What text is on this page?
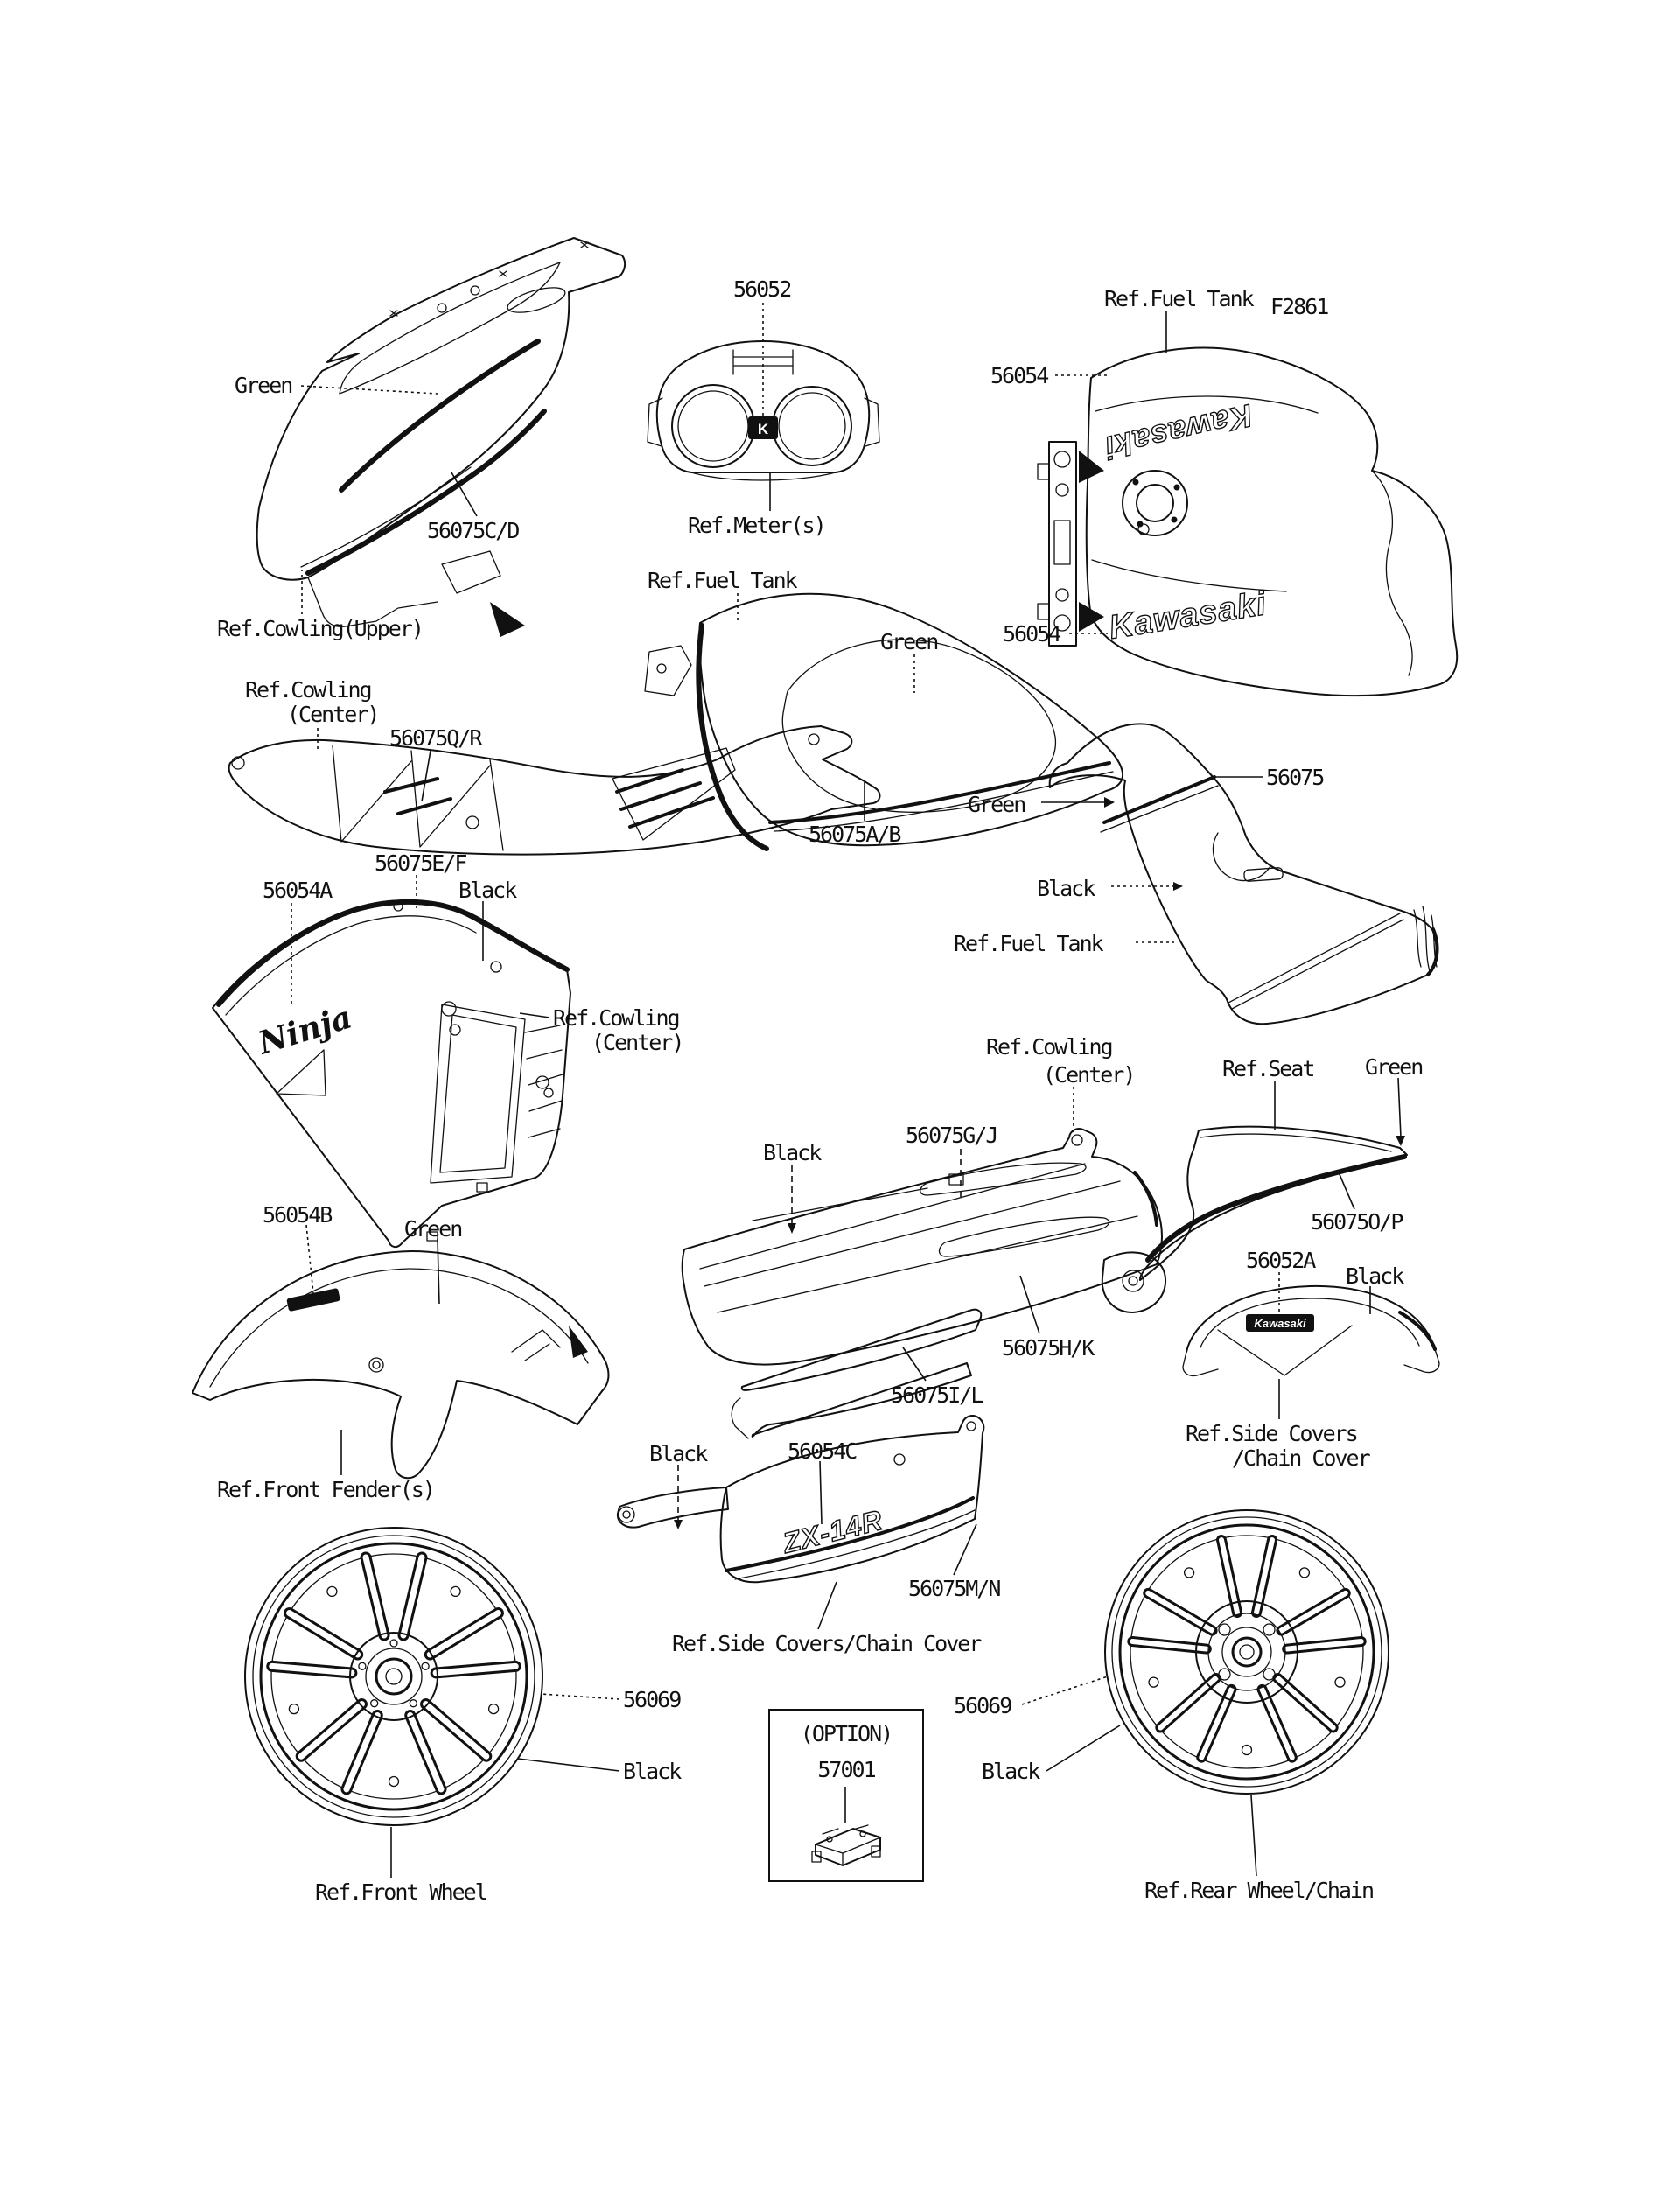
K	Kawasaki
Kawasaki
Ninja
Kawasaki
ZX-14R
Green
56075C/D
Ref.Cowling(Upper)
56052
Ref.Meter(s)
Ref.Fuel Tank F2861
56054
56054
Ref.Cowling
(Center)
56075Q/R
56075E/F
56054A	Black
Ref.Cowling
(Center)
Ref.Fuel Tank
Green
56075A/B
56075
Green
Black
Ref.Fuel Tank
Black
56075G/J
Ref.Cowling
(Center)	Ref.Seat Green
56075O/P
56052A
Black
Ref.Side Covers
/Chain Cover
56054B
Green
Ref.Front Fender(s)
56075H/K
56075I/L
Black	56054C
56075M/N
Ref.Side Covers/Chain Cover
56069
Black
Ref.Front Wheel
56069
Black
Ref.Rear Wheel/Chain
(OPTION)
57001
